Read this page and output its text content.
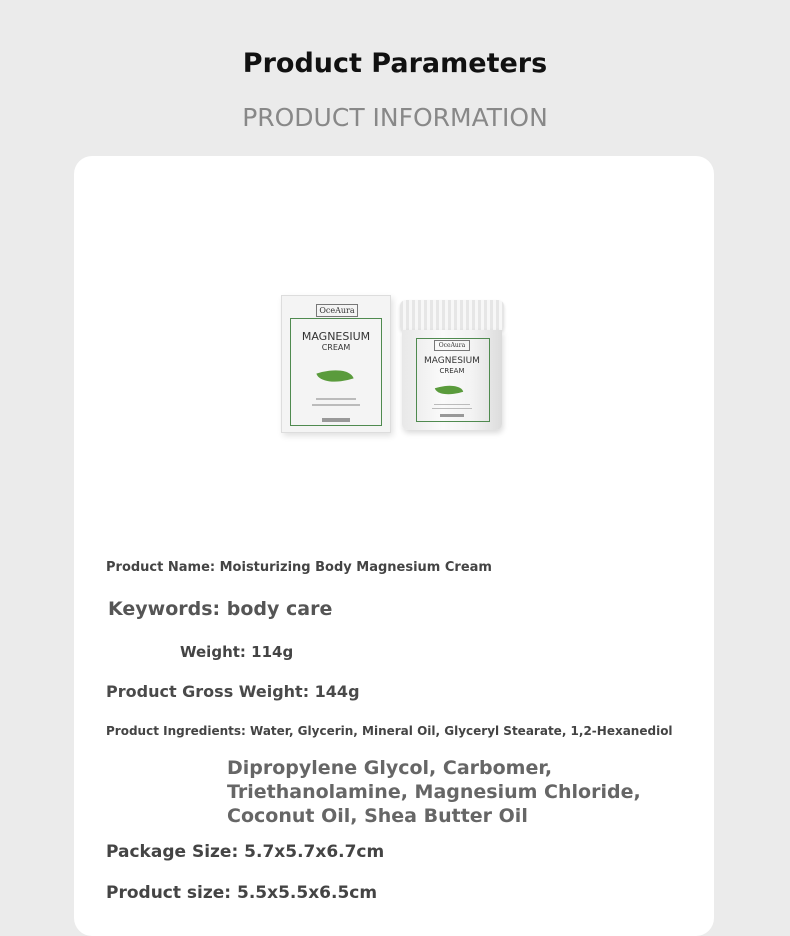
Product Parameters
PRODUCT INFORMATION
OceAura
MAGNESIUM
CREAM	OceAura
MAGNESIUM
CREAM
Product Name: Moisturizing Body Magnesium Cream
Keywords: body care
Weight: 114g
Product Gross Weight: 144g
Product Ingredients: Water, Glycerin, Mineral Oil, Glyceryl Stearate, 1,2-Hexanediol
Dipropylene Glycol, Carbomer, Triethanolamine, Magnesium Chloride, Coconut Oil, Shea Butter Oil
Package Size: 5.7x5.7x6.7cm
Product size: 5.5x5.5x6.5cm
